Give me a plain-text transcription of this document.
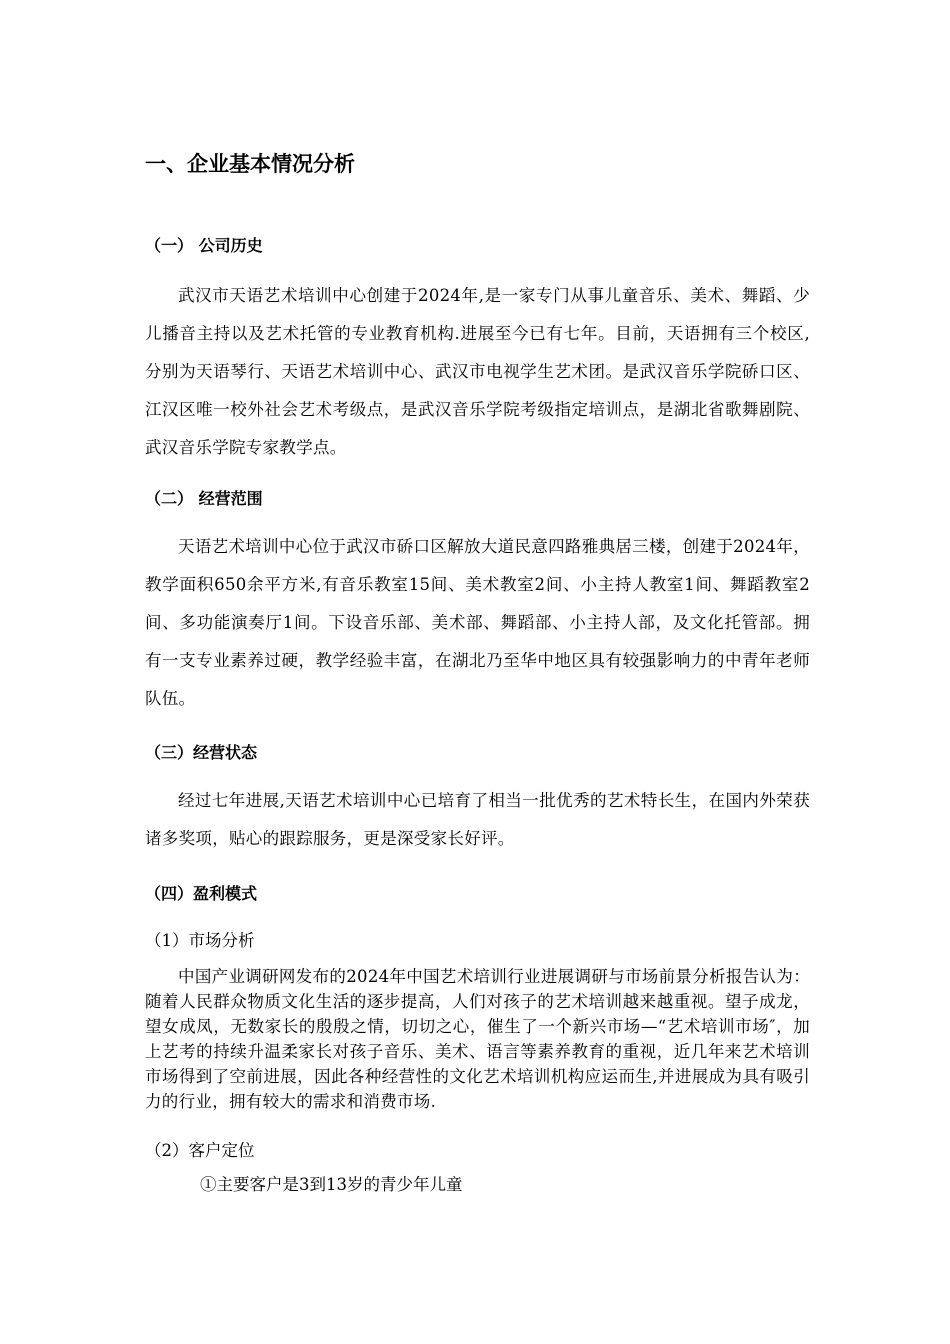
一、企业基本情况分析
（一） 公司历史

武汉市天语艺术培训中心创建于2024年,是一家专门从事儿童音乐、美术、舞蹈、少儿播音主持以及艺术托管的专业教育机构.进展至今已有七年。目前，天语拥有三个校区,分别为天语琴行、天语艺术培训中心、武汉市电视学生艺术团。是武汉音乐学院硚口区、江汉区唯一校外社会艺术考级点，是武汉音乐学院考级指定培训点，是湖北省歌舞剧院、武汉音乐学院专家教学点。

（二） 经营范围

天语艺术培训中心位于武汉市硚口区解放大道民意四路雅典居三楼，创建于2024年，教学面积650余平方米,有音乐教室15间、美术教室2间、小主持人教室1间、舞蹈教室2间、多功能演奏厅1间。下设音乐部、美术部、舞蹈部、小主持人部，及文化托管部。拥有一支专业素养过硬，教学经验丰富，在湖北乃至华中地区具有较强影响力的中青年老师队伍。

（三）经营状态

经过七年进展,天语艺术培训中心已培育了相当一批优秀的艺术特长生，在国内外荣获诸多奖项，贴心的跟踪服务，更是深受家长好评。

（四）盈利模式
（1）市场分析

中国产业调研网发布的2024年中国艺术培训行业进展调研与市场前景分析报告认为：随着人民群众物质文化生活的逐步提高，人们对孩子的艺术培训越来越重视。望子成龙，望女成凤，无数家长的殷殷之情，切切之心，催生了一个新兴市场—“艺术培训市场″，加上艺考的持续升温柔家长对孩子音乐、美术、语言等素养教育的重视，近几年来艺术培训市场得到了空前进展，因此各种经营性的文化艺术培训机构应运而生,并进展成为具有吸引力的行业，拥有较大的需求和消费市场.

（2）客户定位
①主要客户是3到13岁的青少年儿童
